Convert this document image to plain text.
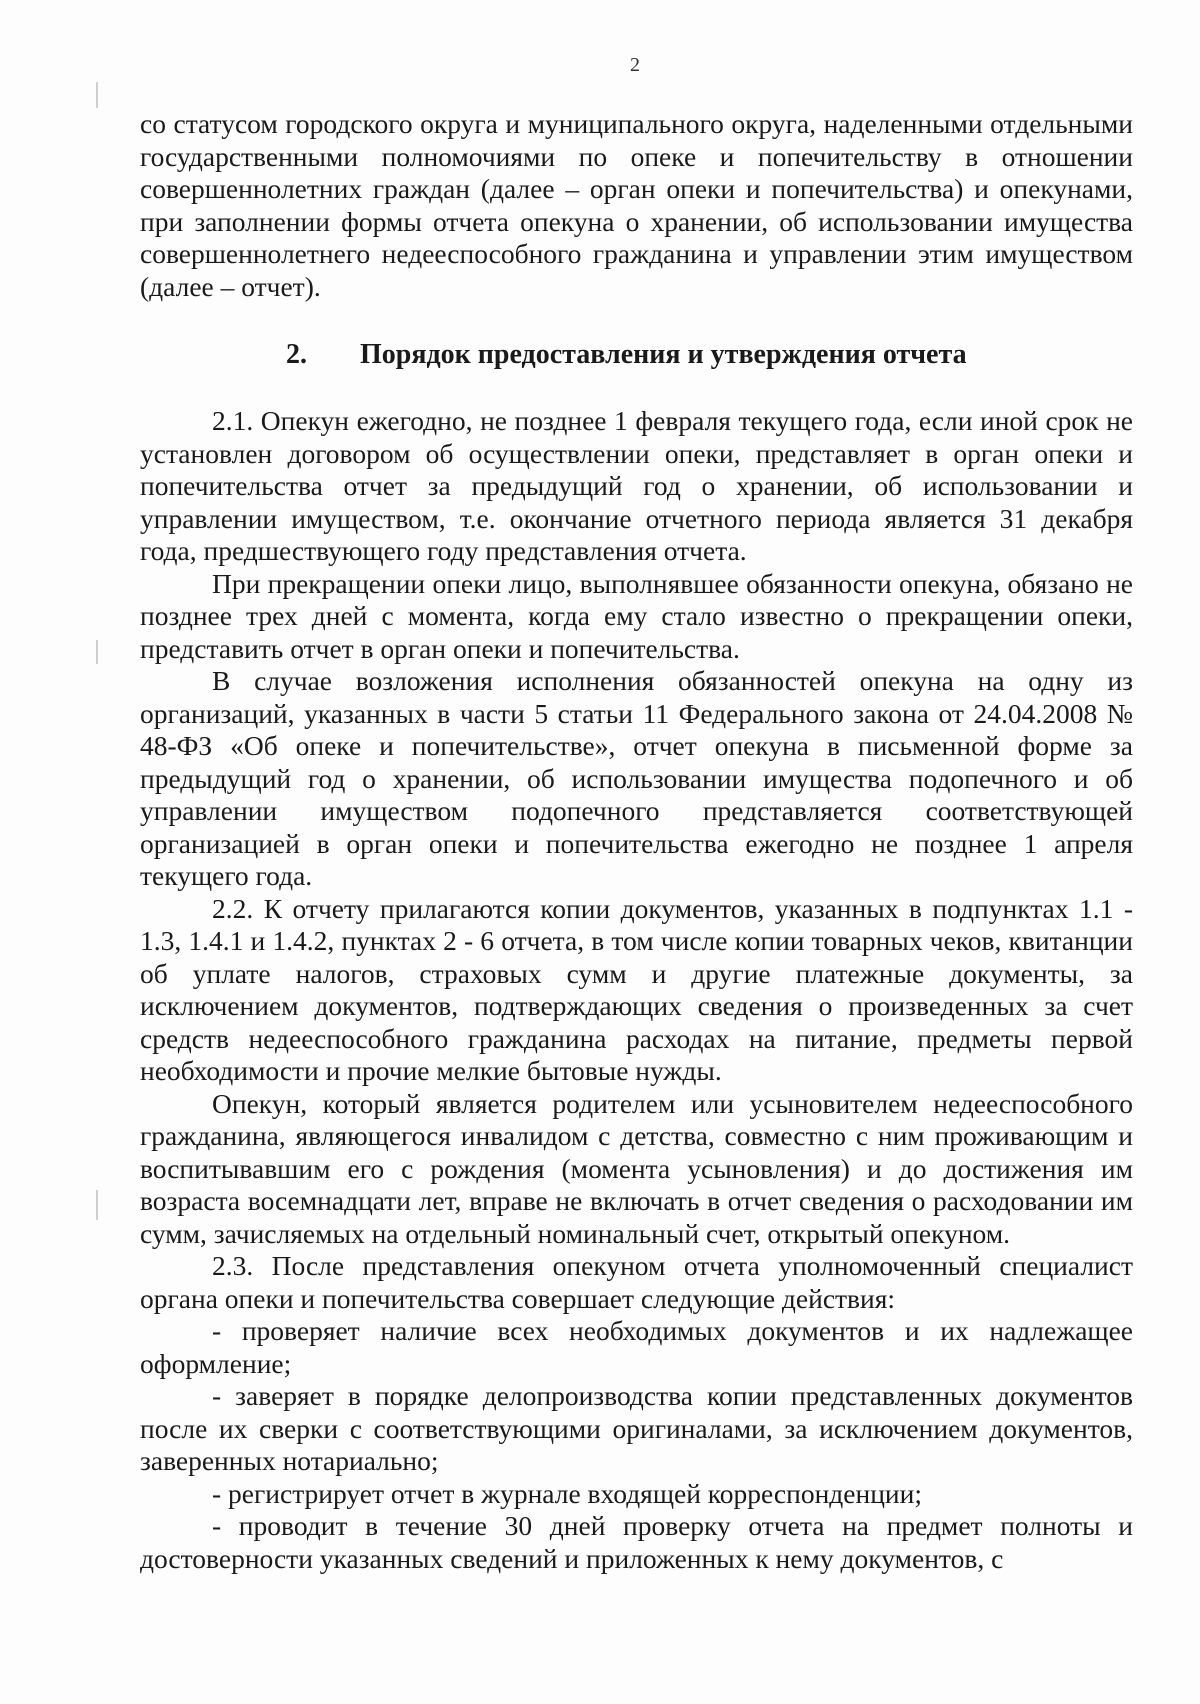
2

со статусом городского округа и муниципального округа, наделенными отдельными государственными полномочиями по опеке и попечительству в отношении совершеннолетних граждан (далее – орган опеки и попечительства) и опекунами, при заполнении формы отчета опекуна о хранении, об использовании имущества совершеннолетнего недееспособного гражданина и управлении этим имуществом (далее – отчет).

2. Порядок предоставления и утверждения отчета

2.1. Опекун ежегодно, не позднее 1 февраля текущего года, если иной срок не установлен договором об осуществлении опеки, представляет в орган опеки и попечительства отчет за предыдущий год о хранении, об использовании и управлении имуществом, т.е. окончание отчетного периода является 31 декабря года, предшествующего году представления отчета.

При прекращении опеки лицо, выполнявшее обязанности опекуна, обязано не позднее трех дней с момента, когда ему стало известно о прекращении опеки, представить отчет в орган опеки и попечительства.

В случае возложения исполнения обязанностей опекуна на одну из организаций, указанных в части 5 статьи 11 Федерального закона от 24.04.2008 № 48-ФЗ «Об опеке и попечительстве», отчет опекуна в письменной форме за предыдущий год о хранении, об использовании имущества подопечного и об управлении имуществом подопечного представляется соответствующей организацией в орган опеки и попечительства ежегодно не позднее 1 апреля текущего года.

2.2. К отчету прилагаются копии документов, указанных в подпунктах 1.1 - 1.3, 1.4.1 и 1.4.2, пунктах 2 - 6 отчета, в том числе копии товарных чеков, квитанции об уплате налогов, страховых сумм и другие платежные документы, за исключением документов, подтверждающих сведения о произведенных за счет средств недееспособного гражданина расходах на питание, предметы первой необходимости и прочие мелкие бытовые нужды.

Опекун, который является родителем или усыновителем недееспособного гражданина, являющегося инвалидом с детства, совместно с ним проживающим и воспитывавшим его с рождения (момента усыновления) и до достижения им возраста восемнадцати лет, вправе не включать в отчет сведения о расходовании им сумм, зачисляемых на отдельный номинальный счет, открытый опекуном.

2.3. После представления опекуном отчета уполномоченный специалист органа опеки и попечительства совершает следующие действия:

- проверяет наличие всех необходимых документов и их надлежащее оформление;

- заверяет в порядке делопроизводства копии представленных документов после их сверки с соответствующими оригиналами, за исключением документов, заверенных нотариально;

- регистрирует отчет в журнале входящей корреспонденции;

- проводит в течение 30 дней проверку отчета на предмет полноты и достоверности указанных сведений и приложенных к нему документов, с
